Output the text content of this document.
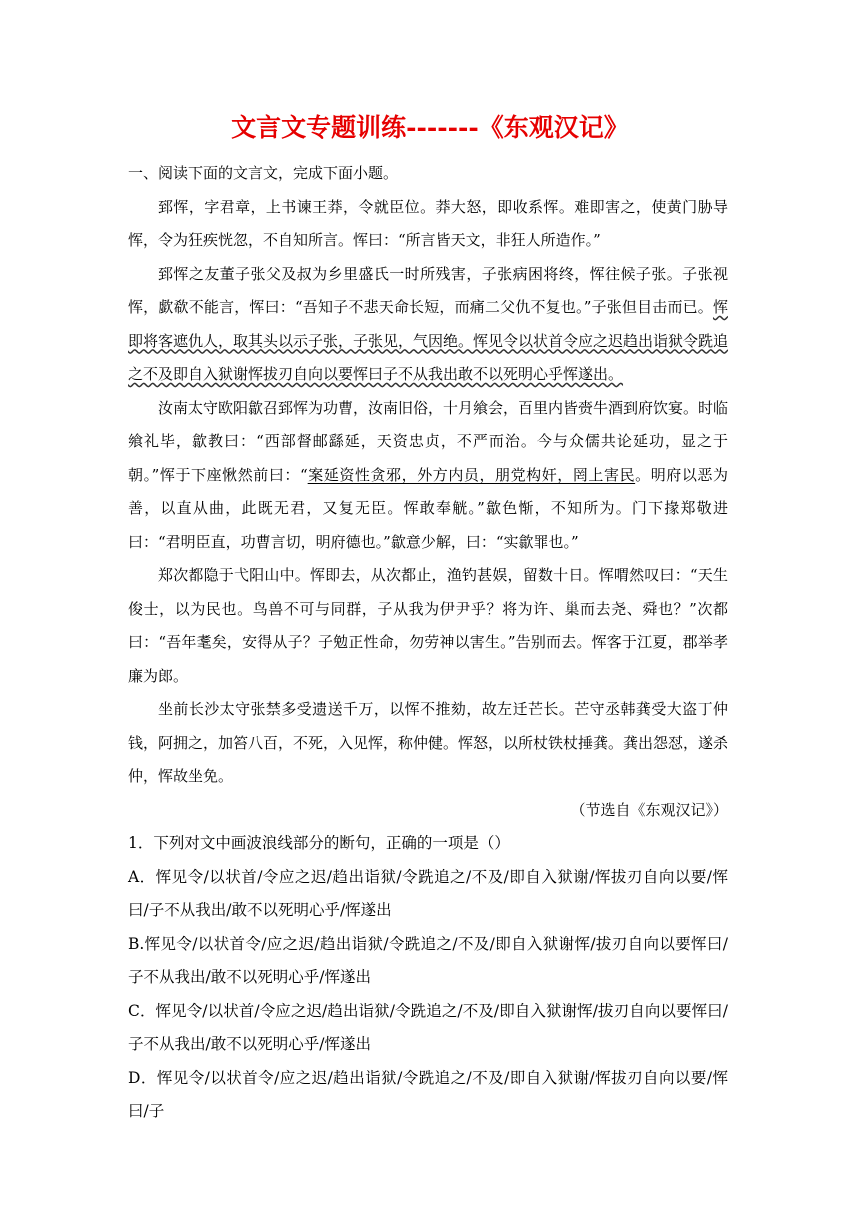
文言文专题训练-------《东观汉记》

一、阅读下面的文言文，完成下面小题。

郅恽，字君章，上书谏王莽，令就臣位。莽大怒，即收系恽。难即害之，使黄门胁导恽，令为狂疾恍忽，不自知所言。恽曰：“所言皆天文，非狂人所造作。”

郅恽之友董子张父及叔为乡里盛氏一时所残害，子张病困将终，恽往候子张。子张视恽，歔欷不能言，恽曰：“吾知子不悲天命长短，而痛二父仇不复也。”子张但目击而已。恽即将客遮仇人，取其头以示子张，子张见，气因绝。恽见令以状首令应之迟趋出诣狱令跣追之不及即自入狱谢恽拔刃自向以要恽曰子不从我出敢不以死明心乎恽遂出。

汝南太守欧阳歙召郅恽为功曹，汝南旧俗，十月飨会，百里内皆赍牛酒到府饮宴。时临飨礼毕，歙教曰：“西部督邮繇延，天资忠贞，不严而治。今与众儒共论延功，显之于朝。”恽于下座愀然前曰：“案延资性贪邪，外方内员，朋党构奸，罔上害民。明府以恶为善，以直从曲，此既无君，又复无臣。恽敢奉觥。”歙色惭，不知所为。门下掾郑敬进曰：“君明臣直，功曹言切，明府德也。”歙意少解，曰：“实歙罪也。”

郑次都隐于弋阳山中。恽即去，从次都止，渔钓甚娱，留数十日。恽喟然叹曰：“天生俊士，以为民也。鸟兽不可与同群，子从我为伊尹乎？将为许、巢而去尧、舜也？”次都曰：“吾年耄矣，安得从子？子勉正性命，勿劳神以害生。”告别而去。恽客于江夏，郡举孝廉为郎。

坐前长沙太守张禁多受遗送千万，以恽不推劾，故左迁芒长。芒守丞韩龚受大盗丁仲钱，阿拥之，加笞八百，不死，入见恽，称仲健。恽怒，以所杖铁杖捶龚。龚出怨怼，遂杀仲，恽故坐免。

（节选自《东观汉记》）

1．下列对文中画波浪线部分的断句，正确的一项是（）

A．恽见令/以状首/令应之迟/趋出诣狱/令跣追之/不及/即自入狱谢/恽拔刃自向以要/恽曰/子不从我出/敢不以死明心乎/恽遂出

B.恽见令/以状首令/应之迟/趋出诣狱/令跣追之/不及/即自入狱谢恽/拔刃自向以要恽曰/子不从我出/敢不以死明心乎/恽遂出

C．恽见令/以状首/令应之迟/趋出诣狱/令跣追之/不及/即自入狱谢恽/拔刃自向以要恽曰/子不从我出/敢不以死明心乎/恽遂出

D．恽见令/以状首令/应之迟/趋出诣狱/令跣追之/不及/即自入狱谢/恽拔刃自向以要/恽曰/子
